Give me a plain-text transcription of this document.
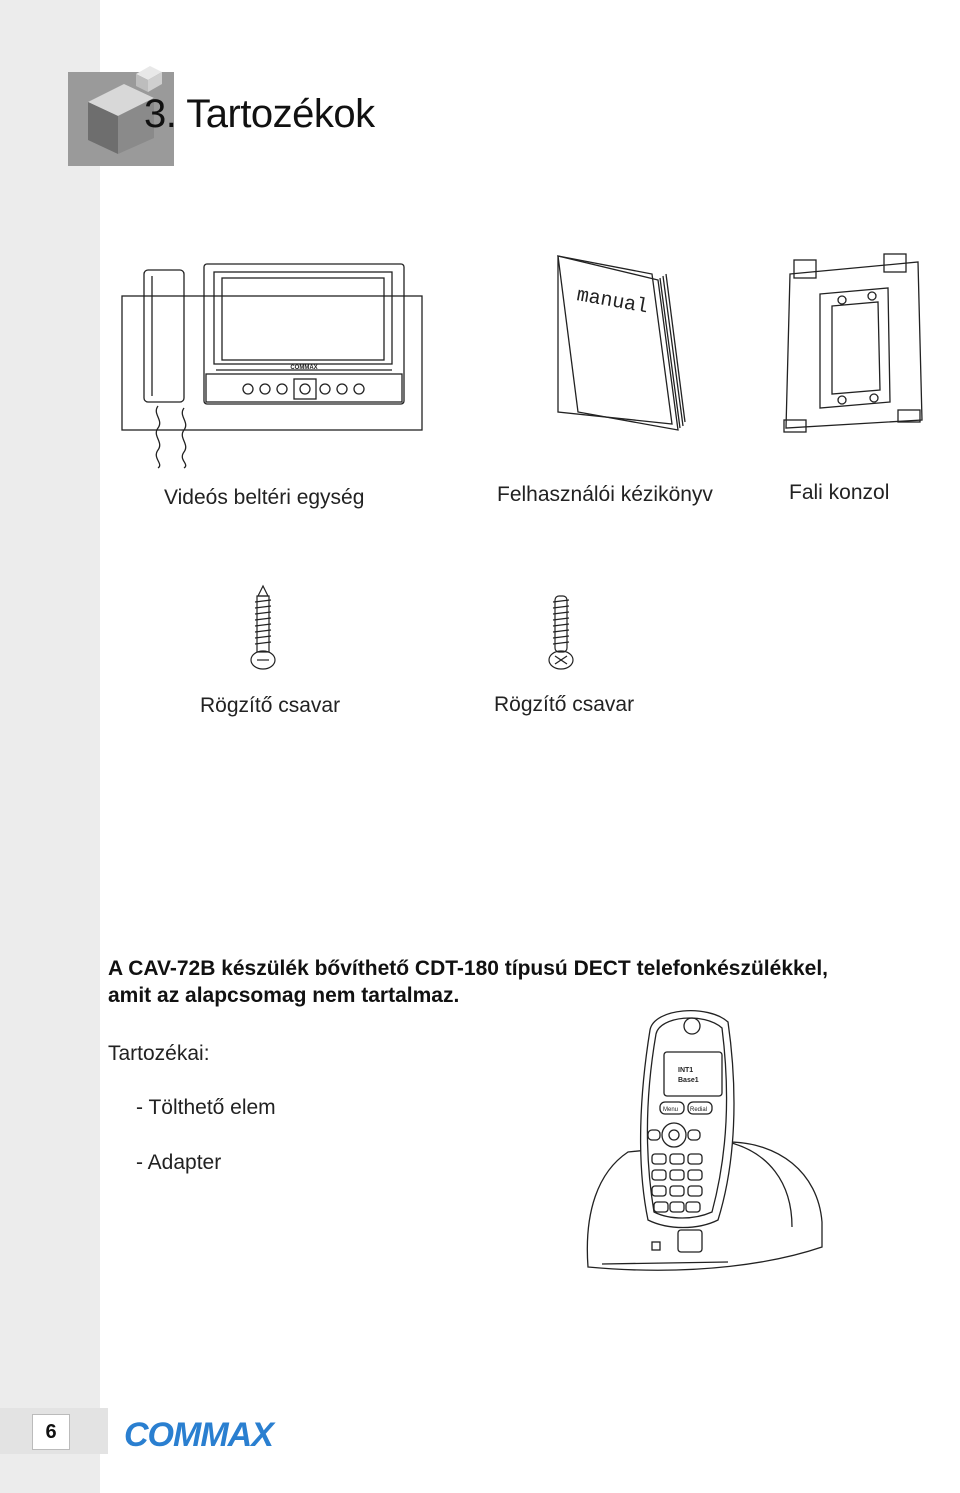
3. Tartozékok
COMMAX
Videós beltéri egység
manual
Felhasználói kézikönyv	Fali konzol
Rögzítő csavar	Rögzítő csavar
A CAV-72B készülék bővíthető CDT-180 típusú DECT telefonkészülékkel,
amit az alapcsomag nem tartalmaz.
Tartozékai:
- Tölthető elem
- Adapter
INT1
Base1
Menu Redial
6	COMMAX
